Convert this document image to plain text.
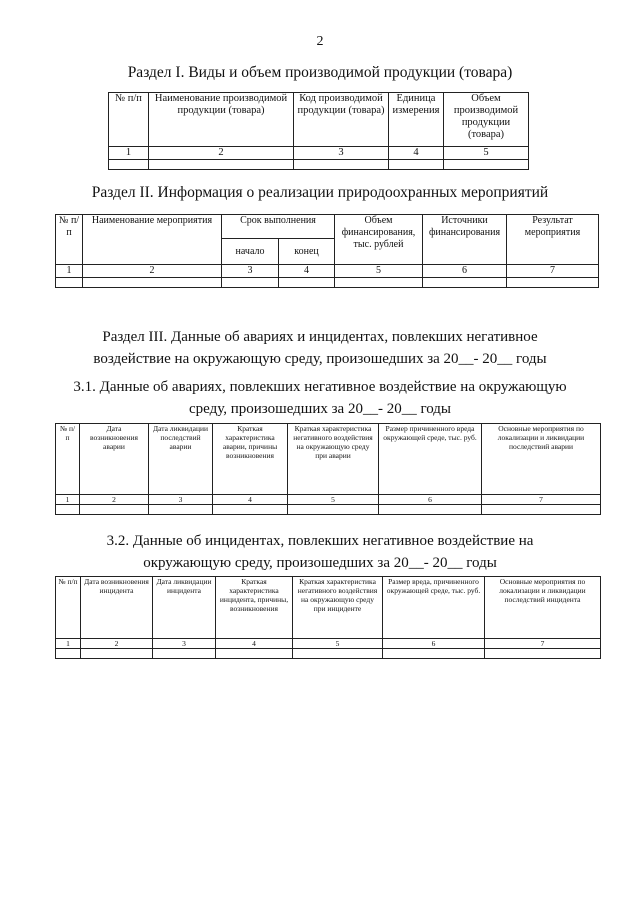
2
Раздел I. Виды и объем производимой продукции (товара)
№ п/п	Наименование производимой продукции (товара)	Код производимой продукции (товара)	Единица измерения	Объем производимой продукции (товара)
1	2	3	4	5

Раздел II. Информация о реализации природоохранных мероприятий
№ п/п	Наименование мероприятия	Срок выполнения		Объем финансирования, тыс. рублей	Источники финансирования	Результат мероприятия
		начало	конец			
1	2	3	4	5	6	7

Раздел III. Данные об авариях и инцидентах, повлекших негативное
воздействие на окружающую среду, произошедших за 20__- 20__ годы
3.1. Данные об авариях, повлекших негативное воздействие на окружающую
среду, произошедших за 20__- 20__ годы
№ п/п	Дата возникновения аварии	Дата ликвидации последствий аварии	Краткая характеристика аварии, причины возникновения	Краткая характеристика негативного воздействия на окружающую среду при аварии	Размер причиненного вреда окружающей среде, тыс. руб.	Основные мероприятия по локализации и ликвидации последствий аварии
1	2	3	4	5	6	7

3.2. Данные об инцидентах, повлекших негативное воздействие на
окружающую среду, произошедших за 20__- 20__ годы
№ п/п	Дата возникновения инцидента	Дата ликвидации инцидента	Краткая характеристика инцидента, причины, возникновения	Краткая характеристика негативного воздействия на окружающую среду при инциденте	Размер вреда, причиненного окружающей среде, тыс. руб.	Основные мероприятия по локализации и ликвидации последствий инцидента
1	2	3	4	5	6	7
